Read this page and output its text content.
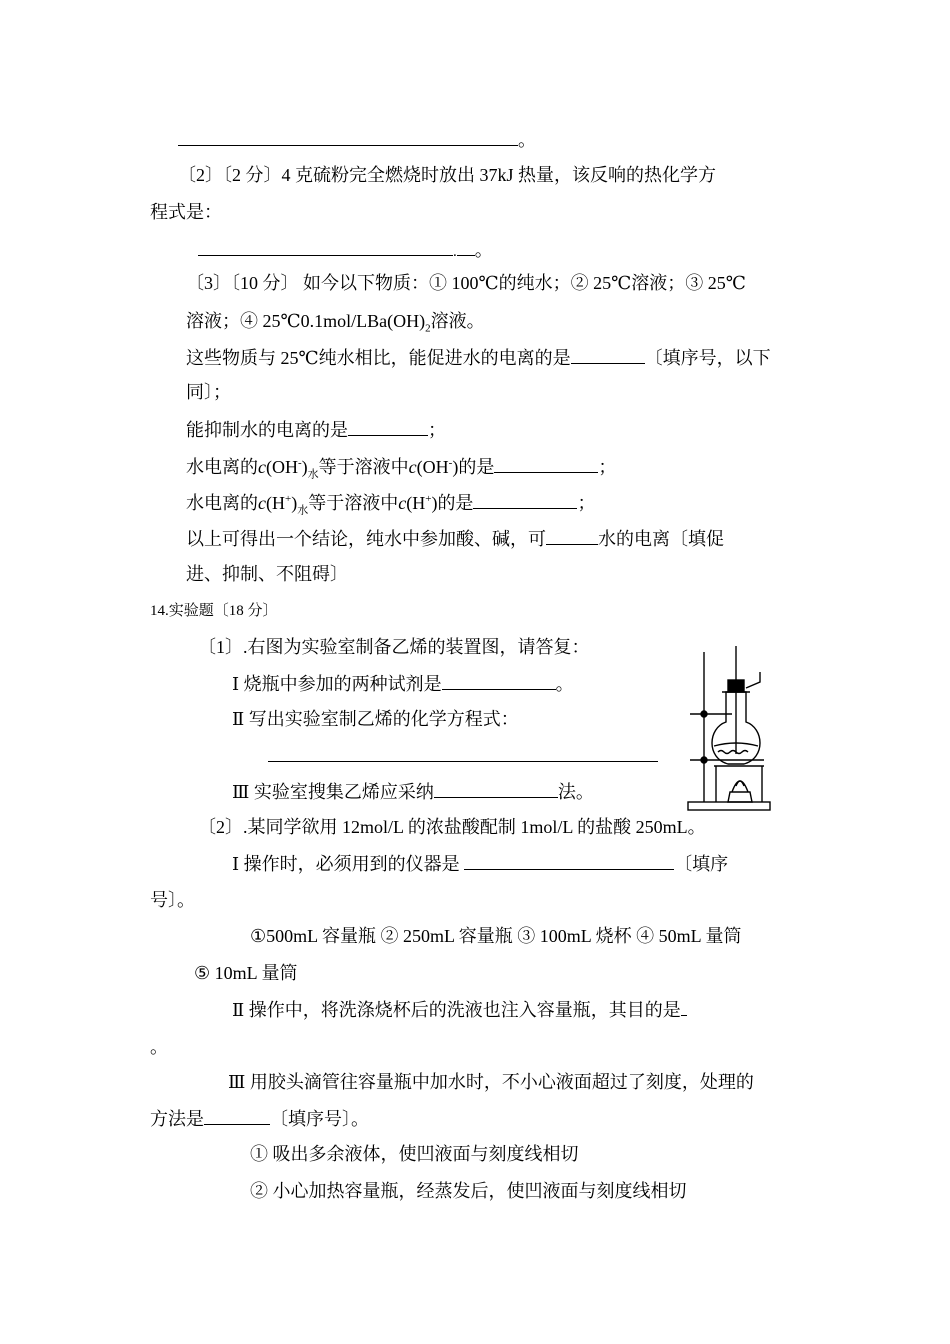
。
〔2〕〔2 分〕4 克硫粉完全燃烧时放出 37kJ 热量，该反响的热化学方
程式是：
. 。
〔3〕〔10 分〕 如今以下物质：① 100℃的纯水；② 25℃溶液；③ 25℃
溶液；④ $25℃0.1mol/LBa(OH)_2$溶液。
这些物质与 25℃纯水相比，能促进水的电离的是	〔填序号，以下
同〕；
能抑制水的电离的是	；
水电离的$c(OH^-)_水$等于溶液中c(OH-)的是	；
水电离的$c(H^+)_水$等于溶液中c(H+)的是	；
以上可得出一个结论，纯水中参加酸、碱，可	水的电离〔填促
进、抑制、不阻碍〕
14.实验题〔18 分〕
〔1〕.右图为实验室制备乙烯的装置图，请答复：
Ⅰ 烧瓶中参加的两种试剂是	。
Ⅱ 写出实验室制乙烯的化学方程式：
Ⅲ 实验室搜集乙烯应采纳	法。
〔2〕.某同学欲用 12mol/L 的浓盐酸配制 1mol/L 的盐酸 250mL。
Ⅰ 操作时，必须用到的仪器是	〔填序
号〕。
①500mL 容量瓶 ② 250mL 容量瓶 ③ 100mL 烧杯 ④ 50mL 量筒
⑤ 10mL 量筒
Ⅱ 操作中，将洗涤烧杯后的洗液也注入容量瓶，其目的是
。
Ⅲ 用胶头滴管往容量瓶中加水时，不小心液面超过了刻度，处理的
方法是	〔填序号〕。
① 吸出多余液体，使凹液面与刻度线相切
② 小心加热容量瓶，经蒸发后，使凹液面与刻度线相切
